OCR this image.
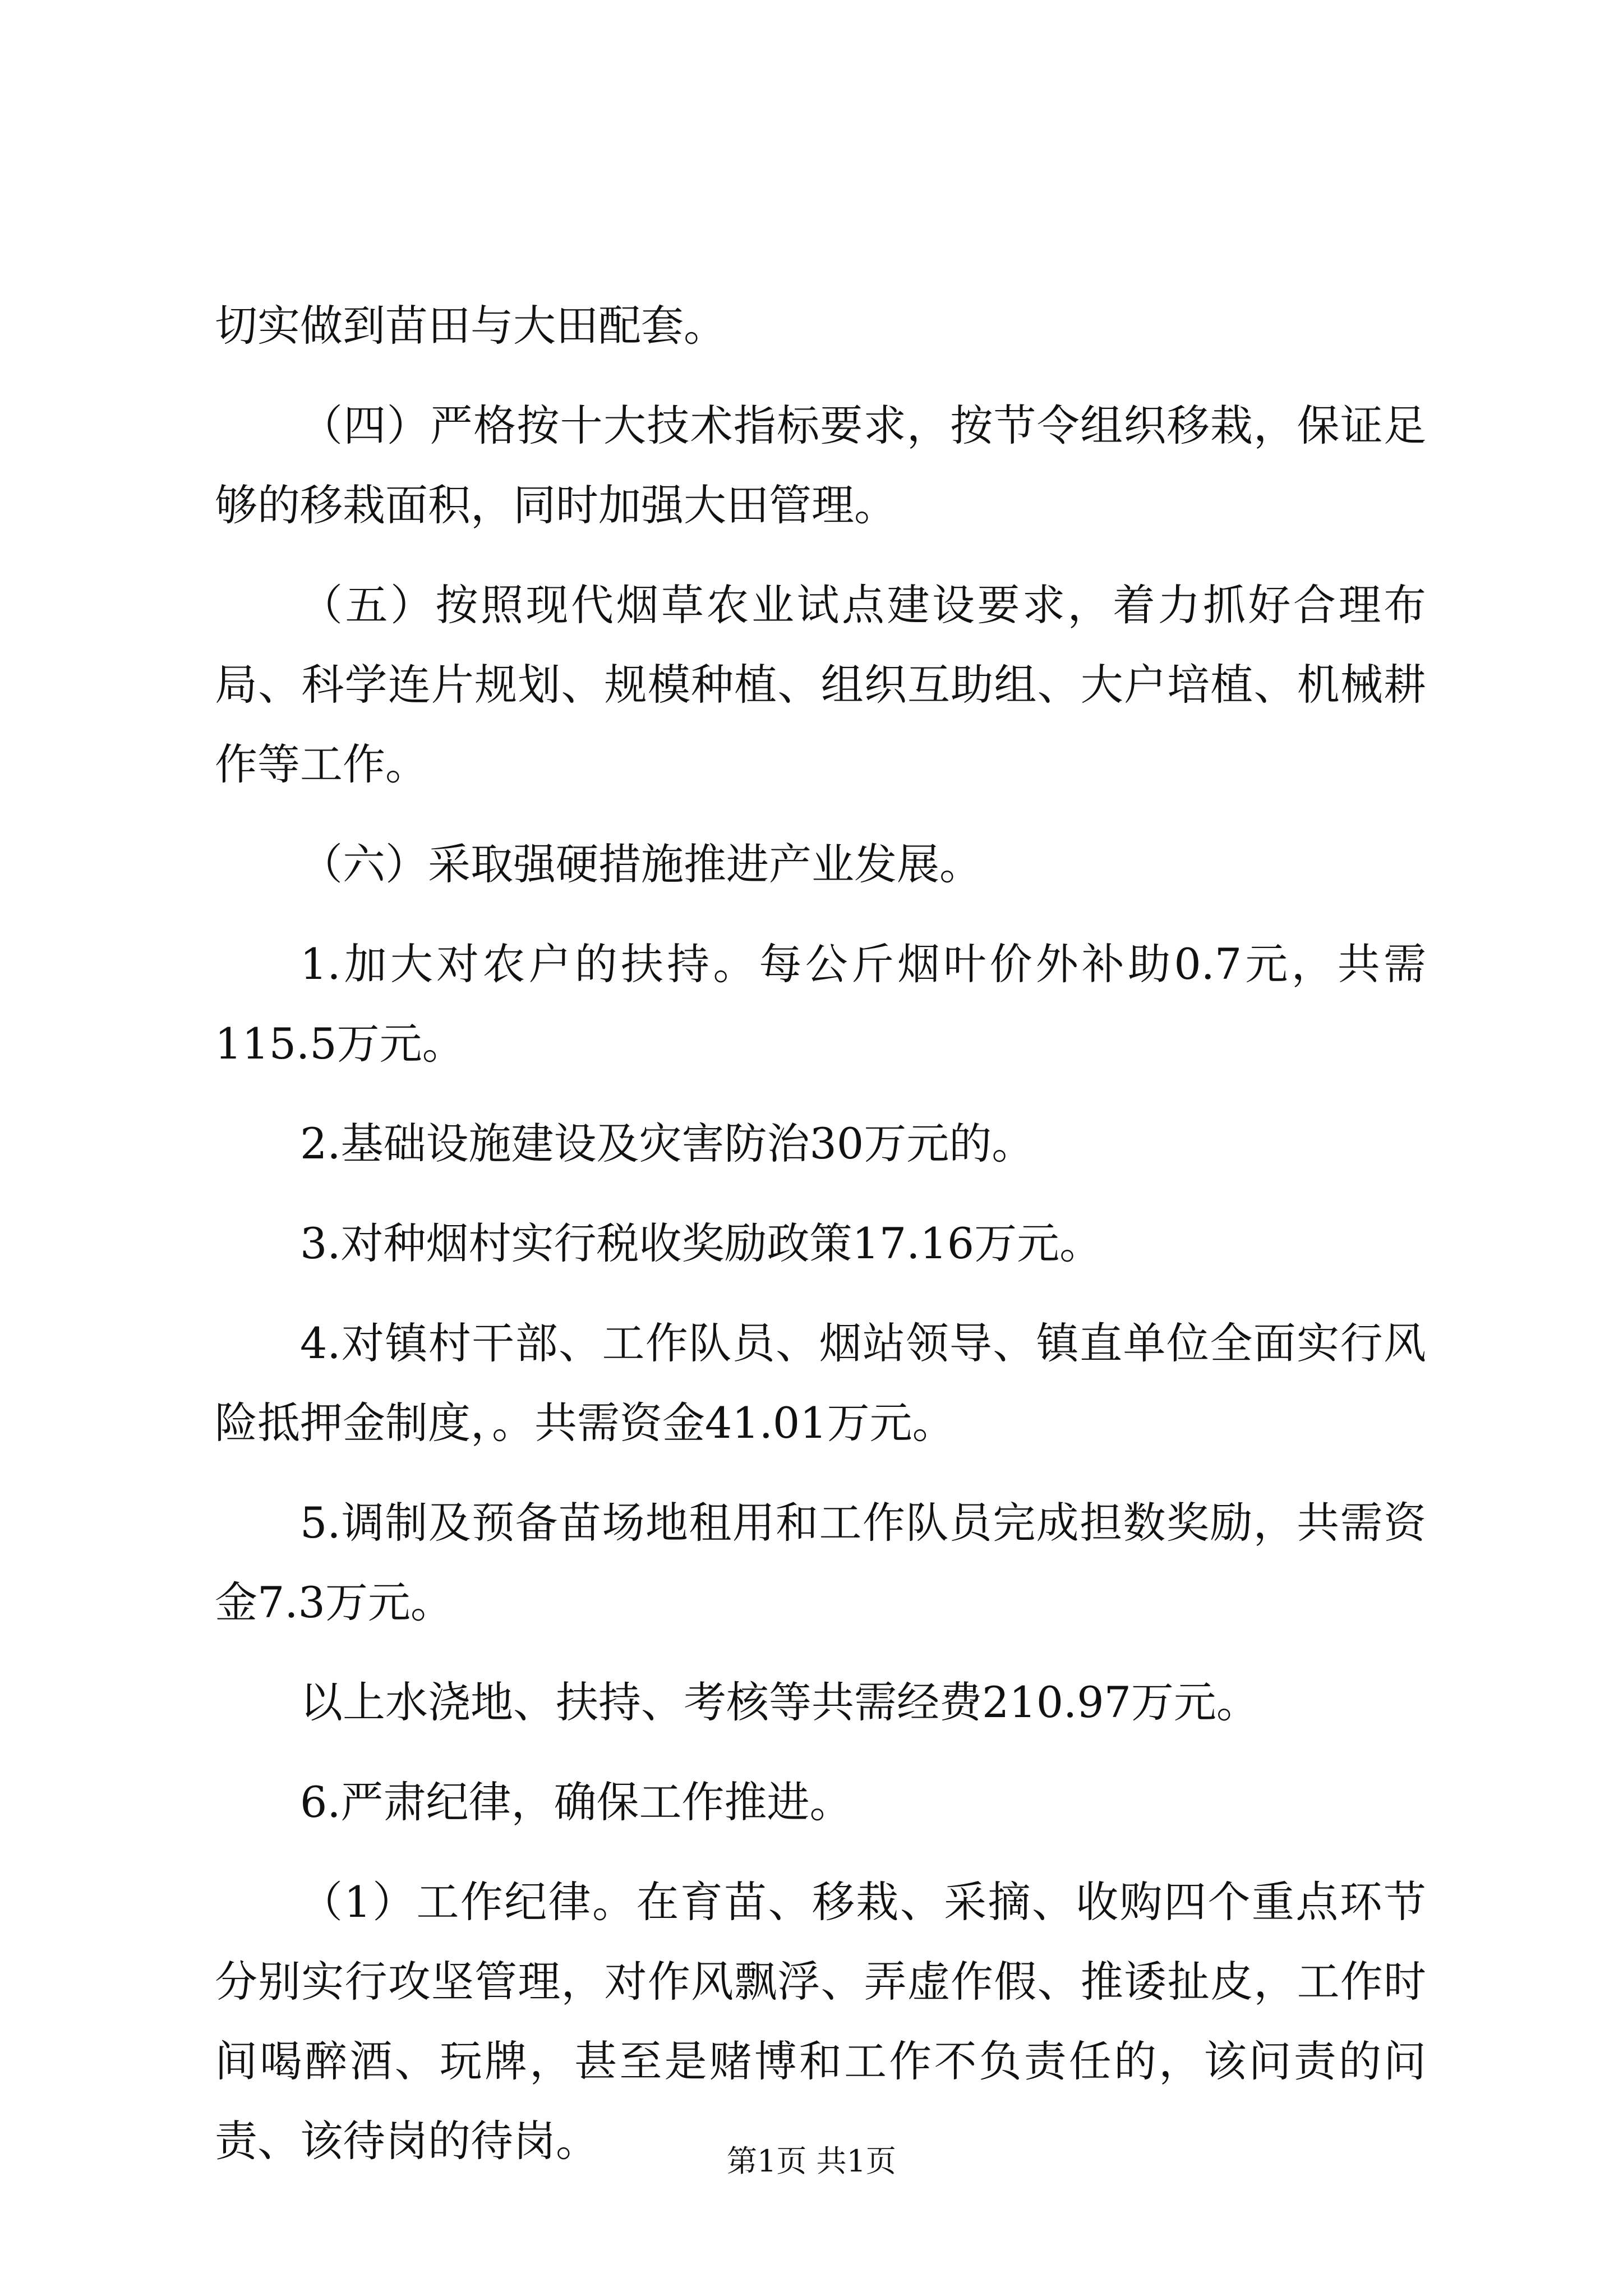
切实做到苗田与大田配套。

（四）严格按十大技术指标要求，按节令组织移栽，保证足够的移栽面积，同时加强大田管理。

（五）按照现代烟草农业试点建设要求，着力抓好合理布局、科学连片规划、规模种植、组织互助组、大户培植、机械耕作等工作。

（六）采取强硬措施推进产业发展。

1.加大对农户的扶持。每公斤烟叶价外补助0.7元，共需115.5万元。

2.基础设施建设及灾害防治30万元的。

3.对种烟村实行税收奖励政策17.16万元。

4.对镇村干部、工作队员、烟站领导、镇直单位全面实行风险抵押金制度，。共需资金41.01万元。

5.调制及预备苗场地租用和工作队员完成担数奖励，共需资金7.3万元。

以上水浇地、扶持、考核等共需经费210.97万元。

6.严肃纪律，确保工作推进。

（1）工作纪律。在育苗、移栽、采摘、收购四个重点环节分别实行攻坚管理，对作风飘浮、弄虚作假、推诿扯皮，工作时间喝醉酒、玩牌，甚至是赌博和工作不负责任的，该问责的问责、该待岗的待岗。	第1页 共1页
